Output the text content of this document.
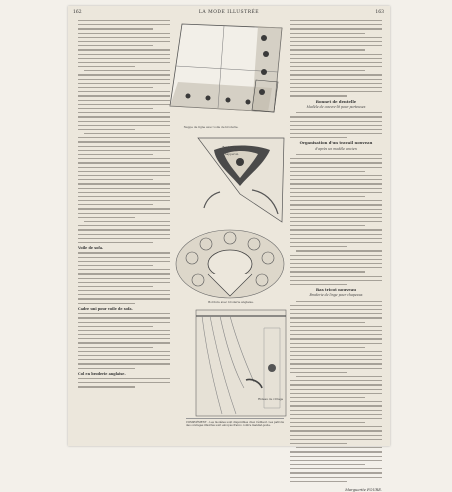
162	LA MODE ILLUSTRÉE	163
Voile de sofa.
Cadre uni pour voile de sofa.
Col en broderie anglaise.
Nappe de ligne avec voile de broderie.
Bordure pour coin de napperon.
Bordure avec broderie anglaise.
Rideau de vitrage
COMPLÉMENT - Les modèles sont disponibles chez l'éditeur. Les patrons des ouvrages illustrés sont envoyés franco contre mandat-poste.
Bonnet de dentelle
Modèle de couvre-lit pour porteuses
Organisation d'un travail nouveau
d'après un modèle ancien
Bas tricot nouveau
Broderie de linge pour chapeaux
Marguerite FOURE.
